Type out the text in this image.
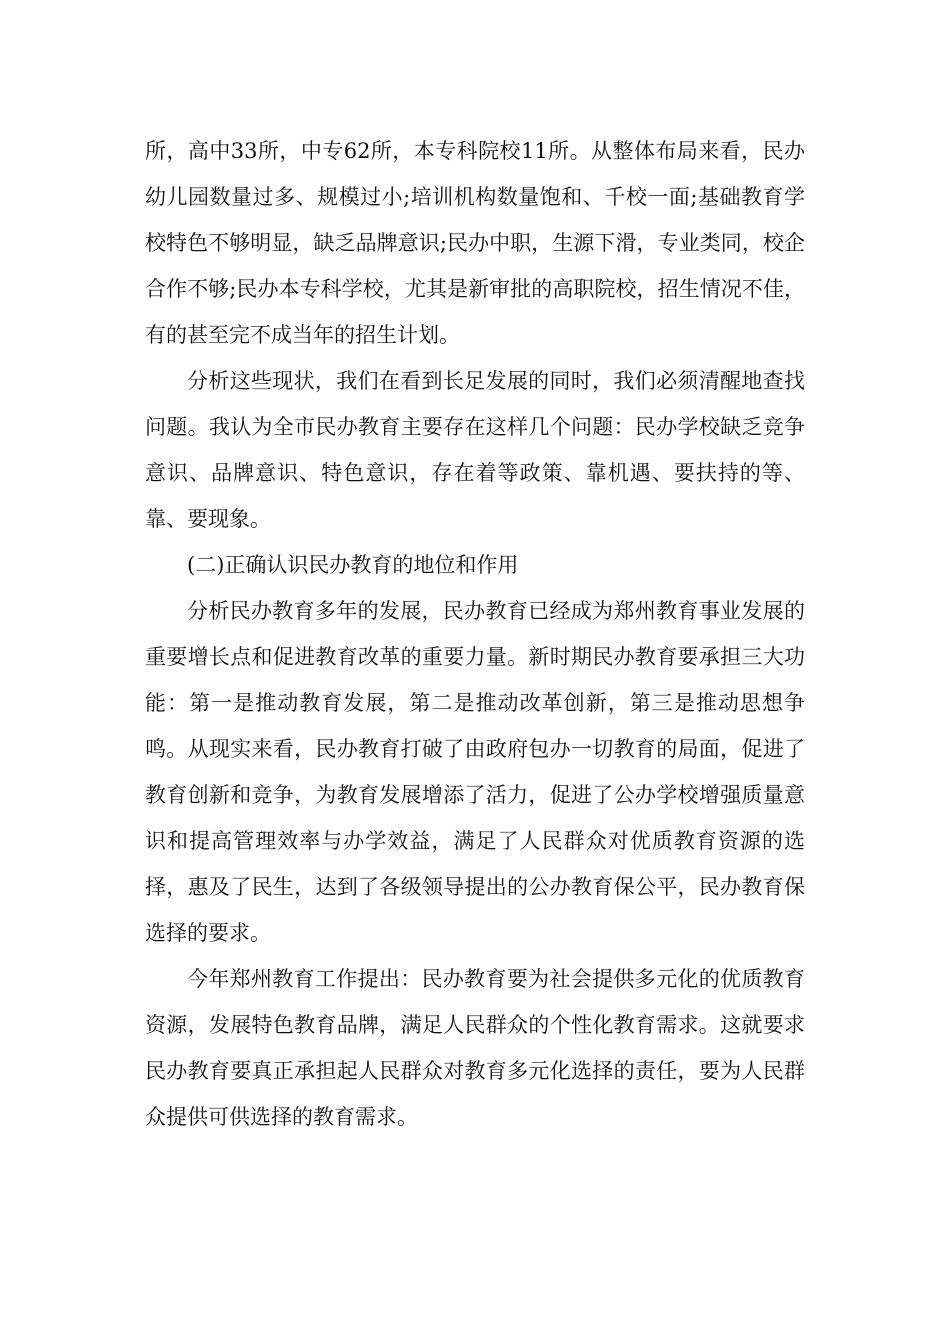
所，高中33所，中专62所，本专科院校11所。从整体布局来看，民办幼儿园数量过多、规模过小;培训机构数量饱和、千校一面;基础教育学校特色不够明显，缺乏品牌意识;民办中职，生源下滑，专业类同，校企合作不够;民办本专科学校，尤其是新审批的高职院校，招生情况不佳，有的甚至完不成当年的招生计划。

分析这些现状，我们在看到长足发展的同时，我们必须清醒地查找问题。我认为全市民办教育主要存在这样几个问题：民办学校缺乏竞争意识、品牌意识、特色意识，存在着等政策、靠机遇、要扶持的等、靠、要现象。

(二)正确认识民办教育的地位和作用

分析民办教育多年的发展，民办教育已经成为郑州教育事业发展的重要增长点和促进教育改革的重要力量。新时期民办教育要承担三大功能：第一是推动教育发展，第二是推动改革创新，第三是推动思想争鸣。从现实来看，民办教育打破了由政府包办一切教育的局面，促进了教育创新和竞争，为教育发展增添了活力，促进了公办学校增强质量意识和提高管理效率与办学效益，满足了人民群众对优质教育资源的选择，惠及了民生，达到了各级领导提出的公办教育保公平，民办教育保选择的要求。

今年郑州教育工作提出：民办教育要为社会提供多元化的优质教育资源，发展特色教育品牌，满足人民群众的个性化教育需求。这就要求民办教育要真正承担起人民群众对教育多元化选择的责任，要为人民群众提供可供选择的教育需求。
